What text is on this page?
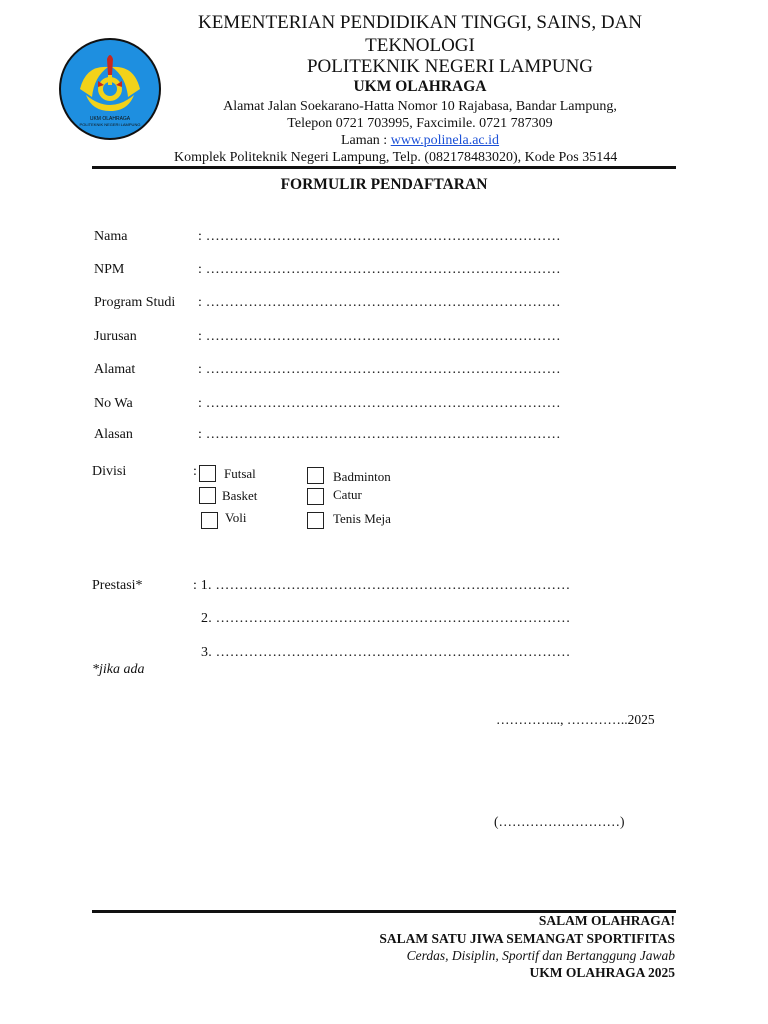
UKM OLAHRAGA
POLITEKNIK NEGERI LAMPUNG
KEMENTERIAN PENDIDIKAN TINGGI, SAINS, DAN
TEKNOLOGI
POLITEKNIK NEGERI LAMPUNG
UKM OLAHRAGA
Alamat Jalan Soekarano-Hatta Nomor 10 Rajabasa, Bandar Lampung,
Telepon 0721 703995, Faxcimile. 0721 787309
Laman : www.polinela.ac.id
Komplek Politeknik Negeri Lampung, Telp. (082178483020), Kode Pos 35144
FORMULIR PENDAFTARAN
Nama	: …………………………………………………………………
NPM	: …………………………………………………………………
Program Studi : …………………………………………………………………
Jurusan	: …………………………………………………………………
Alamat	: …………………………………………………………………
No Wa	: …………………………………………………………………
Alasan	: …………………………………………………………………
Divisi	: Futsal
Basket
Voli
Badminton
Catur
Tenis Meja
Prestasi*	: 1. …………………………………………………………………
2. …………………………………………………………………
3. …………………………………………………………………
*jika ada
…………..., …………..2025
(………………………)
SALAM OLAHRAGA!
SALAM SATU JIWA SEMANGAT SPORTIFITAS
Cerdas, Disiplin, Sportif dan Bertanggung Jawab
UKM OLAHRAGA 2025
